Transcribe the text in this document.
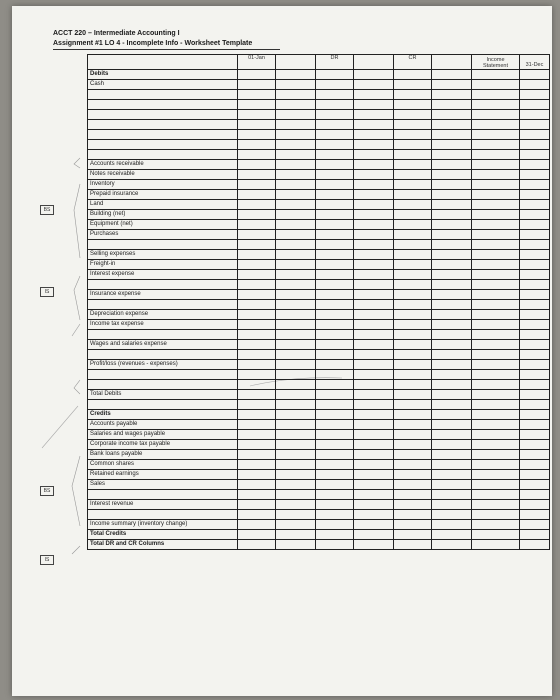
ACCT 220 – Intermediate Accounting I
Assignment #1 LO 4 - Incomplete Info - Worksheet Template
BS
IS
BS
IS
	01-Jan		DR		CR		Income Statement	31-Dec
Debits								
Cash								

Accounts receivable								
Notes receivable								
Inventory								
Prepaid insurance								
Land								
Building (net)								
Equipment (net)								
Purchases								

Selling expenses								
Freight-in								
Interest expense								

Insurance expense								

Depreciation expense								
Income tax expense								

Wages and salaries expense								

Profit/loss (revenues - expenses)								

Total Debits								

Credits								
Accounts payable								
Salaries and wages payable								
Corporate income tax payable								
Bank loans payable								
Common shares								
Retained earnings								
Sales								

Interest revenue								

Income summary (inventory change)								
Total Credits								
Total DR and CR Columns								
